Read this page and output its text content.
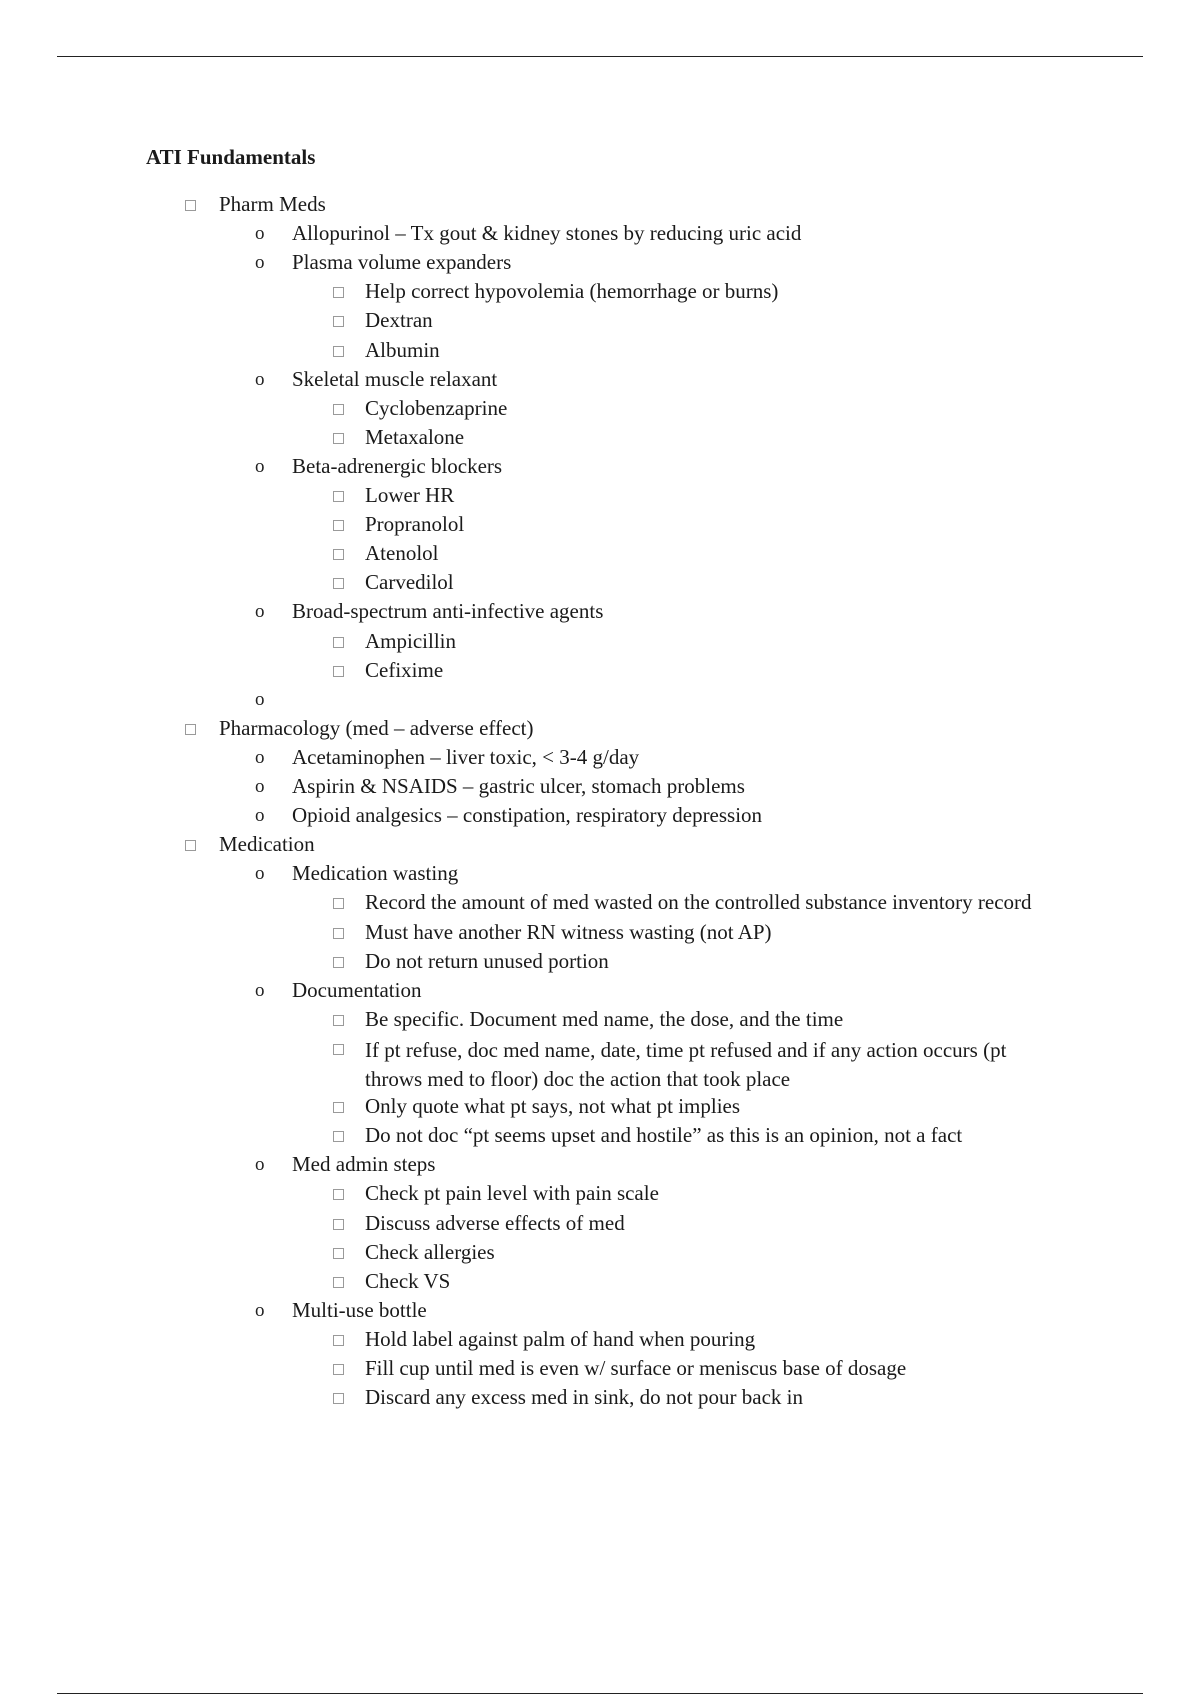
ATI Fundamentals
Pharm Meds
o Allopurinol – Tx gout & kidney stones by reducing uric acid
o Plasma volume expanders
Help correct hypovolemia (hemorrhage or burns)
Dextran
Albumin
o Skeletal muscle relaxant
Cyclobenzaprine
Metaxalone
o Beta-adrenergic blockers
Lower HR
Propranolol
Atenolol
Carvedilol
o Broad-spectrum anti-infective agents
Ampicillin
Cefixime
o
Pharmacology (med – adverse effect)
o Acetaminophen – liver toxic, < 3-4 g/day
o Aspirin & NSAIDS – gastric ulcer, stomach problems
o Opioid analgesics – constipation, respiratory depression
Medication
o Medication wasting
Record the amount of med wasted on the controlled substance inventory record
Must have another RN witness wasting (not AP)
Do not return unused portion
o Documentation
Be specific. Document med name, the dose, and the time
If pt refuse, doc med name, date, time pt refused and if any action occurs (pt
throws med to floor) doc the action that took place
Only quote what pt says, not what pt implies
Do not doc “pt seems upset and hostile” as this is an opinion, not a fact
o Med admin steps
Check pt pain level with pain scale
Discuss adverse effects of med
Check allergies
Check VS
o Multi-use bottle
Hold label against palm of hand when pouring
Fill cup until med is even w/ surface or meniscus base of dosage
Discard any excess med in sink, do not pour back in
